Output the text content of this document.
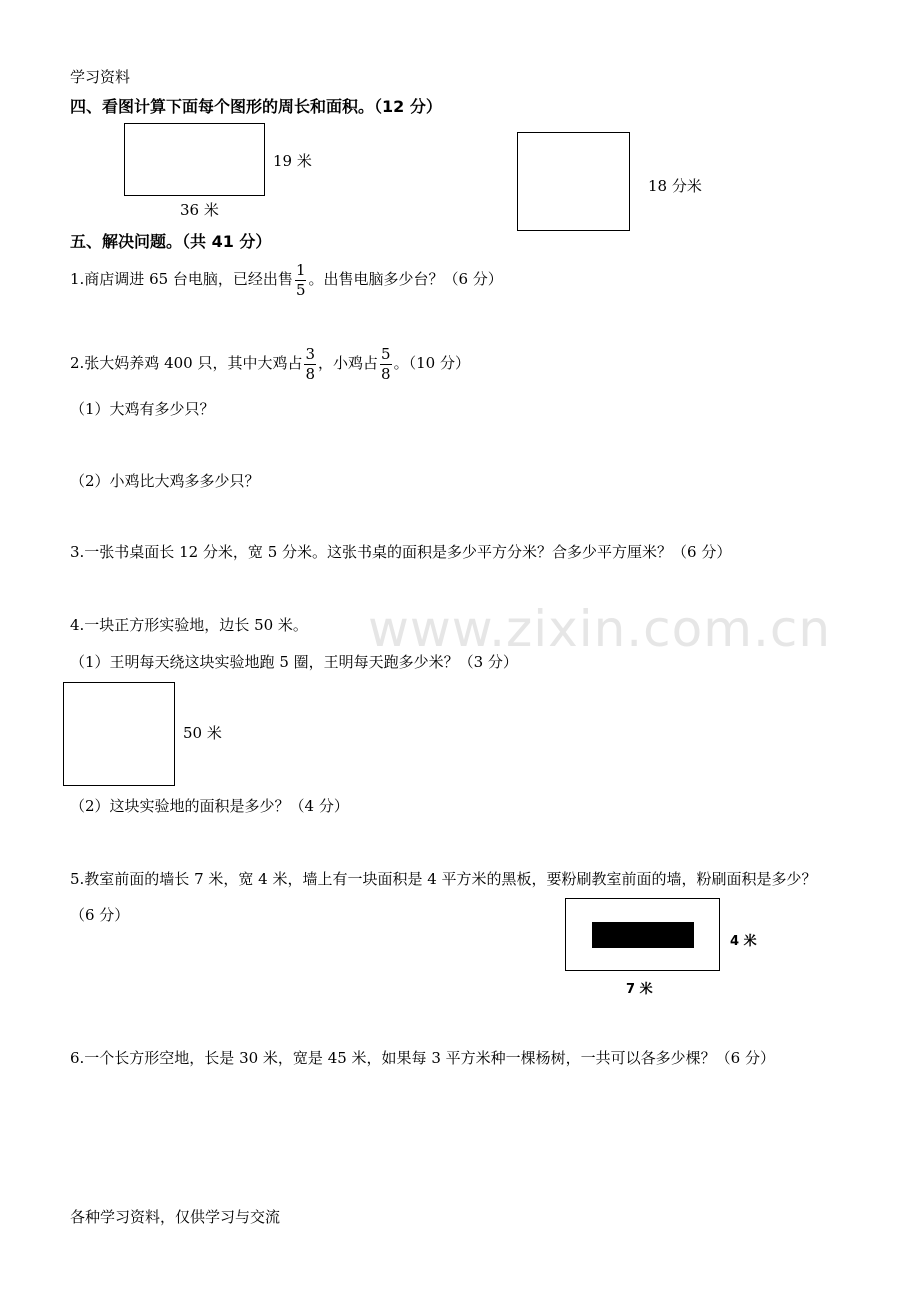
www.zixin.com.cn
学习资料
四、看图计算下面每个图形的周长和面积。（12 分）
19 米
36 米
18 分米
五、解决问题。（共 41 分）
1.商店调进 65 台电脑，已经出售 $\frac{1}{5}$ 。出售电脑多少台？（6 分）
2.张大妈养鸡 400 只，其中大鸡占 $\frac{3}{8}$ ，小鸡占 $\frac{5}{8}$ 。（10 分）
（1）大鸡有多少只？
（2）小鸡比大鸡多多少只？
3.一张书桌面长 12 分米，宽 5 分米。这张书桌的面积是多少平方分米？合多少平方厘米？（6 分）
4.一块正方形实验地，边长 50 米。
（1）王明每天绕这块实验地跑 5 圈，王明每天跑多少米？（3 分）
50 米
（2）这块实验地的面积是多少？（4 分）
5.教室前面的墙长 7 米，宽 4 米，墙上有一块面积是 4 平方米的黑板，要粉刷教室前面的墙，粉刷面积是多少？
（6 分）
4 米
7 米
6.一个长方形空地，长是 30 米，宽是 45 米，如果每 3 平方米种一棵杨树，一共可以各多少棵？（6 分）
各种学习资料，仅供学习与交流
